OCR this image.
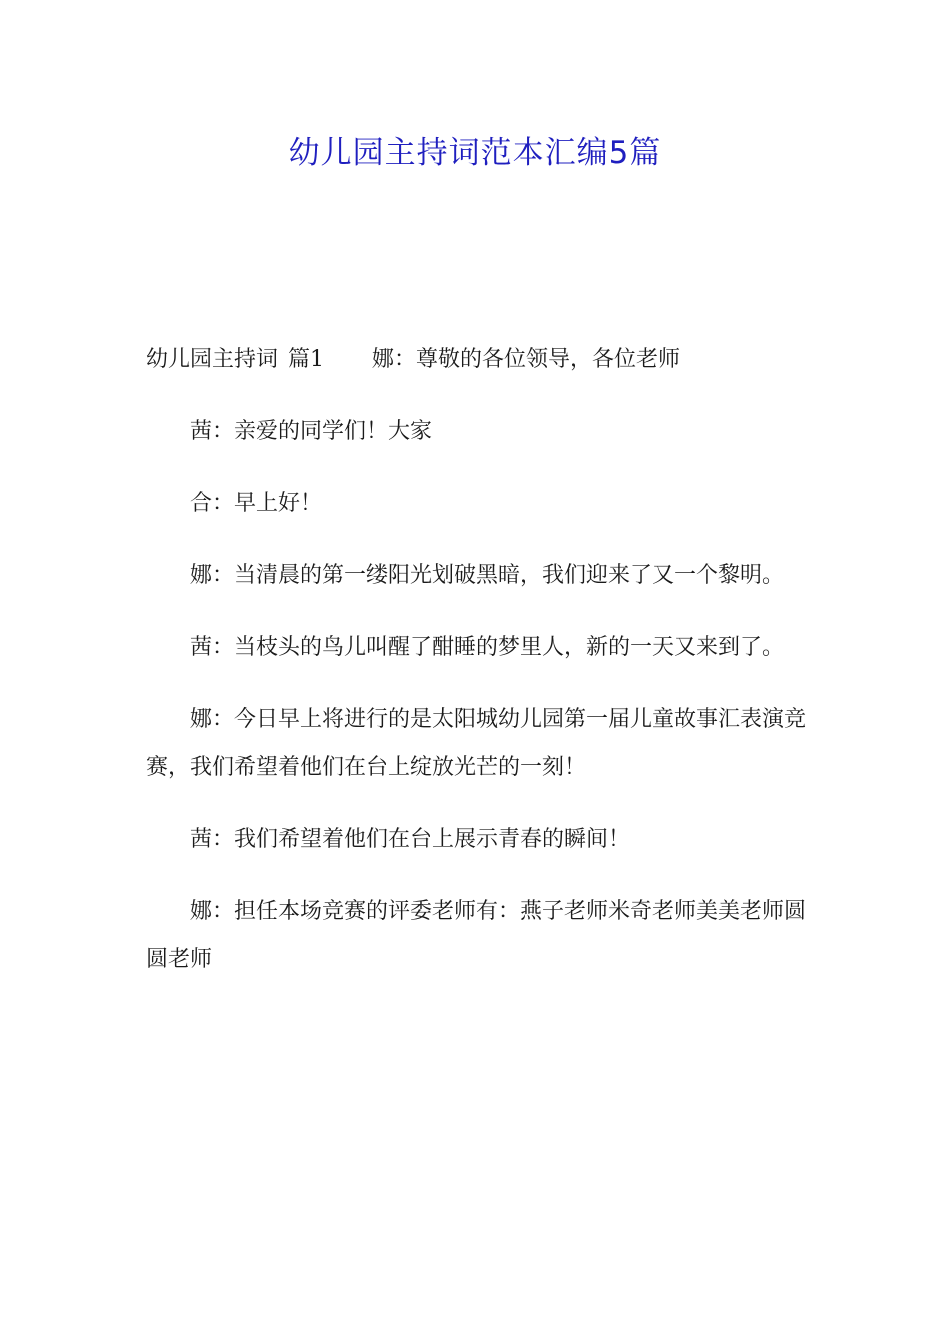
幼儿园主持词范本汇编5篇

幼儿园主持词 篇1 娜：尊敬的各位领导，各位老师

茜：亲爱的同学们！大家

合：早上好！

娜：当清晨的第一缕阳光划破黑暗，我们迎来了又一个黎明。

茜：当枝头的鸟儿叫醒了酣睡的梦里人，新的一天又来到了。

娜：今日早上将进行的是太阳城幼儿园第一届儿童故事汇表演竞赛，我们希望着他们在台上绽放光芒的一刻！

茜：我们希望着他们在台上展示青春的瞬间！

娜：担任本场竞赛的评委老师有：燕子老师米奇老师美美老师圆圆老师
